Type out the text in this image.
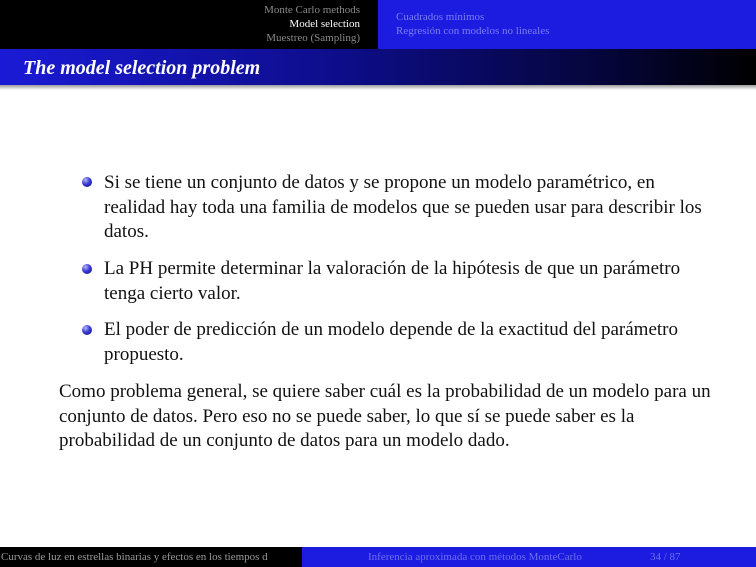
Monte Carlo methods
Model selection
Muestreo (Sampling)
Cuadrados mínimos
Regresión con modelos no lineales
The model selection problem
Si se tiene un conjunto de datos y se propone un modelo paramétrico, en realidad hay toda una familia de modelos que se pueden usar para describir los datos.
La PH permite determinar la valoración de la hipótesis de que un parámetro tenga cierto valor.
El poder de predicción de un modelo depende de la exactitud del parámetro propuesto.
Como problema general, se quiere saber cuál es la probabilidad de un modelo para un conjunto de datos. Pero eso no se puede saber, lo que sí se puede saber es la probabilidad de un conjunto de datos para un modelo dado.
Curvas de luz en estrellas binarias y efectos en los tiempos d	Inferencia aproximada con métodos MonteCarlo	34 / 87
